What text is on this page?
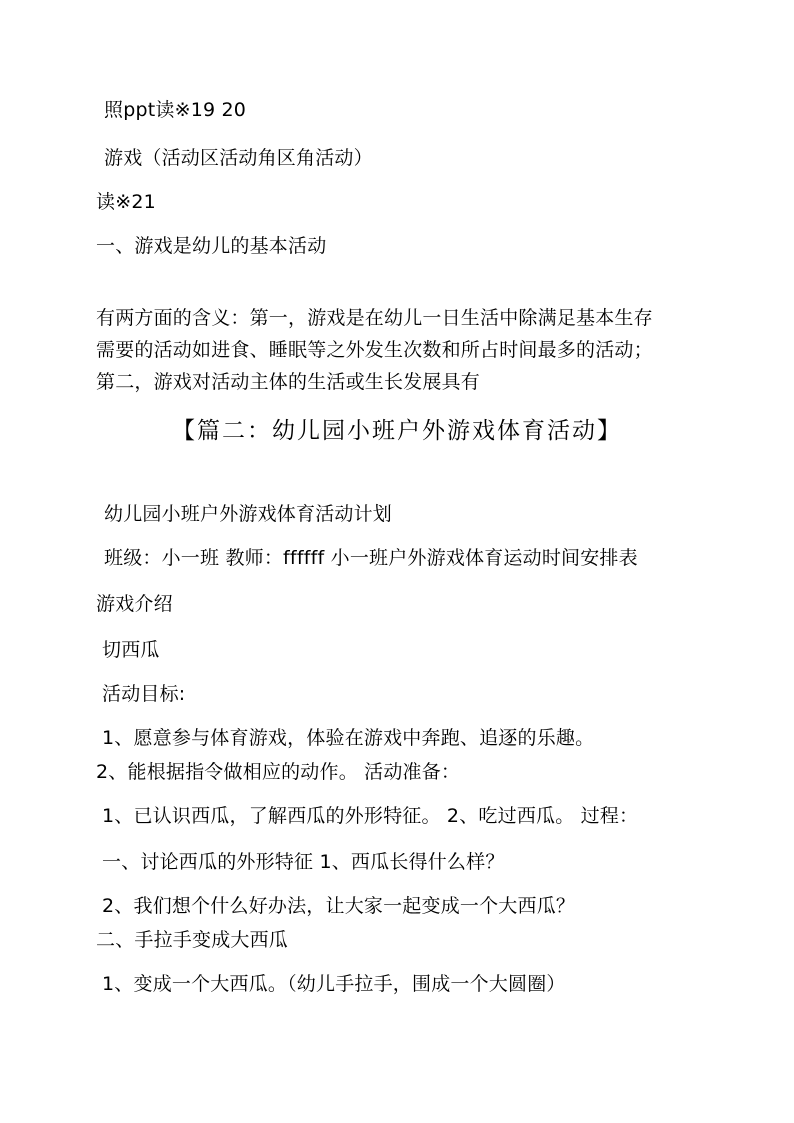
照ppt读※19 20
游戏（活动区活动角区角活动）
读※21
一、游戏是幼儿的基本活动
有两方面的含义：第一，游戏是在幼儿一日生活中除满足基本生存
需要的活动如进食、睡眠等之外发生次数和所占时间最多的活动；
第二，游戏对活动主体的生活或生长发展具有
【篇二：幼儿园小班户外游戏体育活动】
幼儿园小班户外游戏体育活动计划
班级：小一班 教师：ffffff 小一班户外游戏体育运动时间安排表
游戏介绍
切西瓜
活动目标:
1、愿意参与体育游戏，体验在游戏中奔跑、追逐的乐趣。
2、能根据指令做相应的动作。 活动准备：
1、已认识西瓜，了解西瓜的外形特征。 2、吃过西瓜。 过程：
一、讨论西瓜的外形特征 1、西瓜长得什么样？
2、我们想个什么好办法，让大家一起变成一个大西瓜？
二、手拉手变成大西瓜
1、变成一个大西瓜。（幼儿手拉手，围成一个大圆圈）
